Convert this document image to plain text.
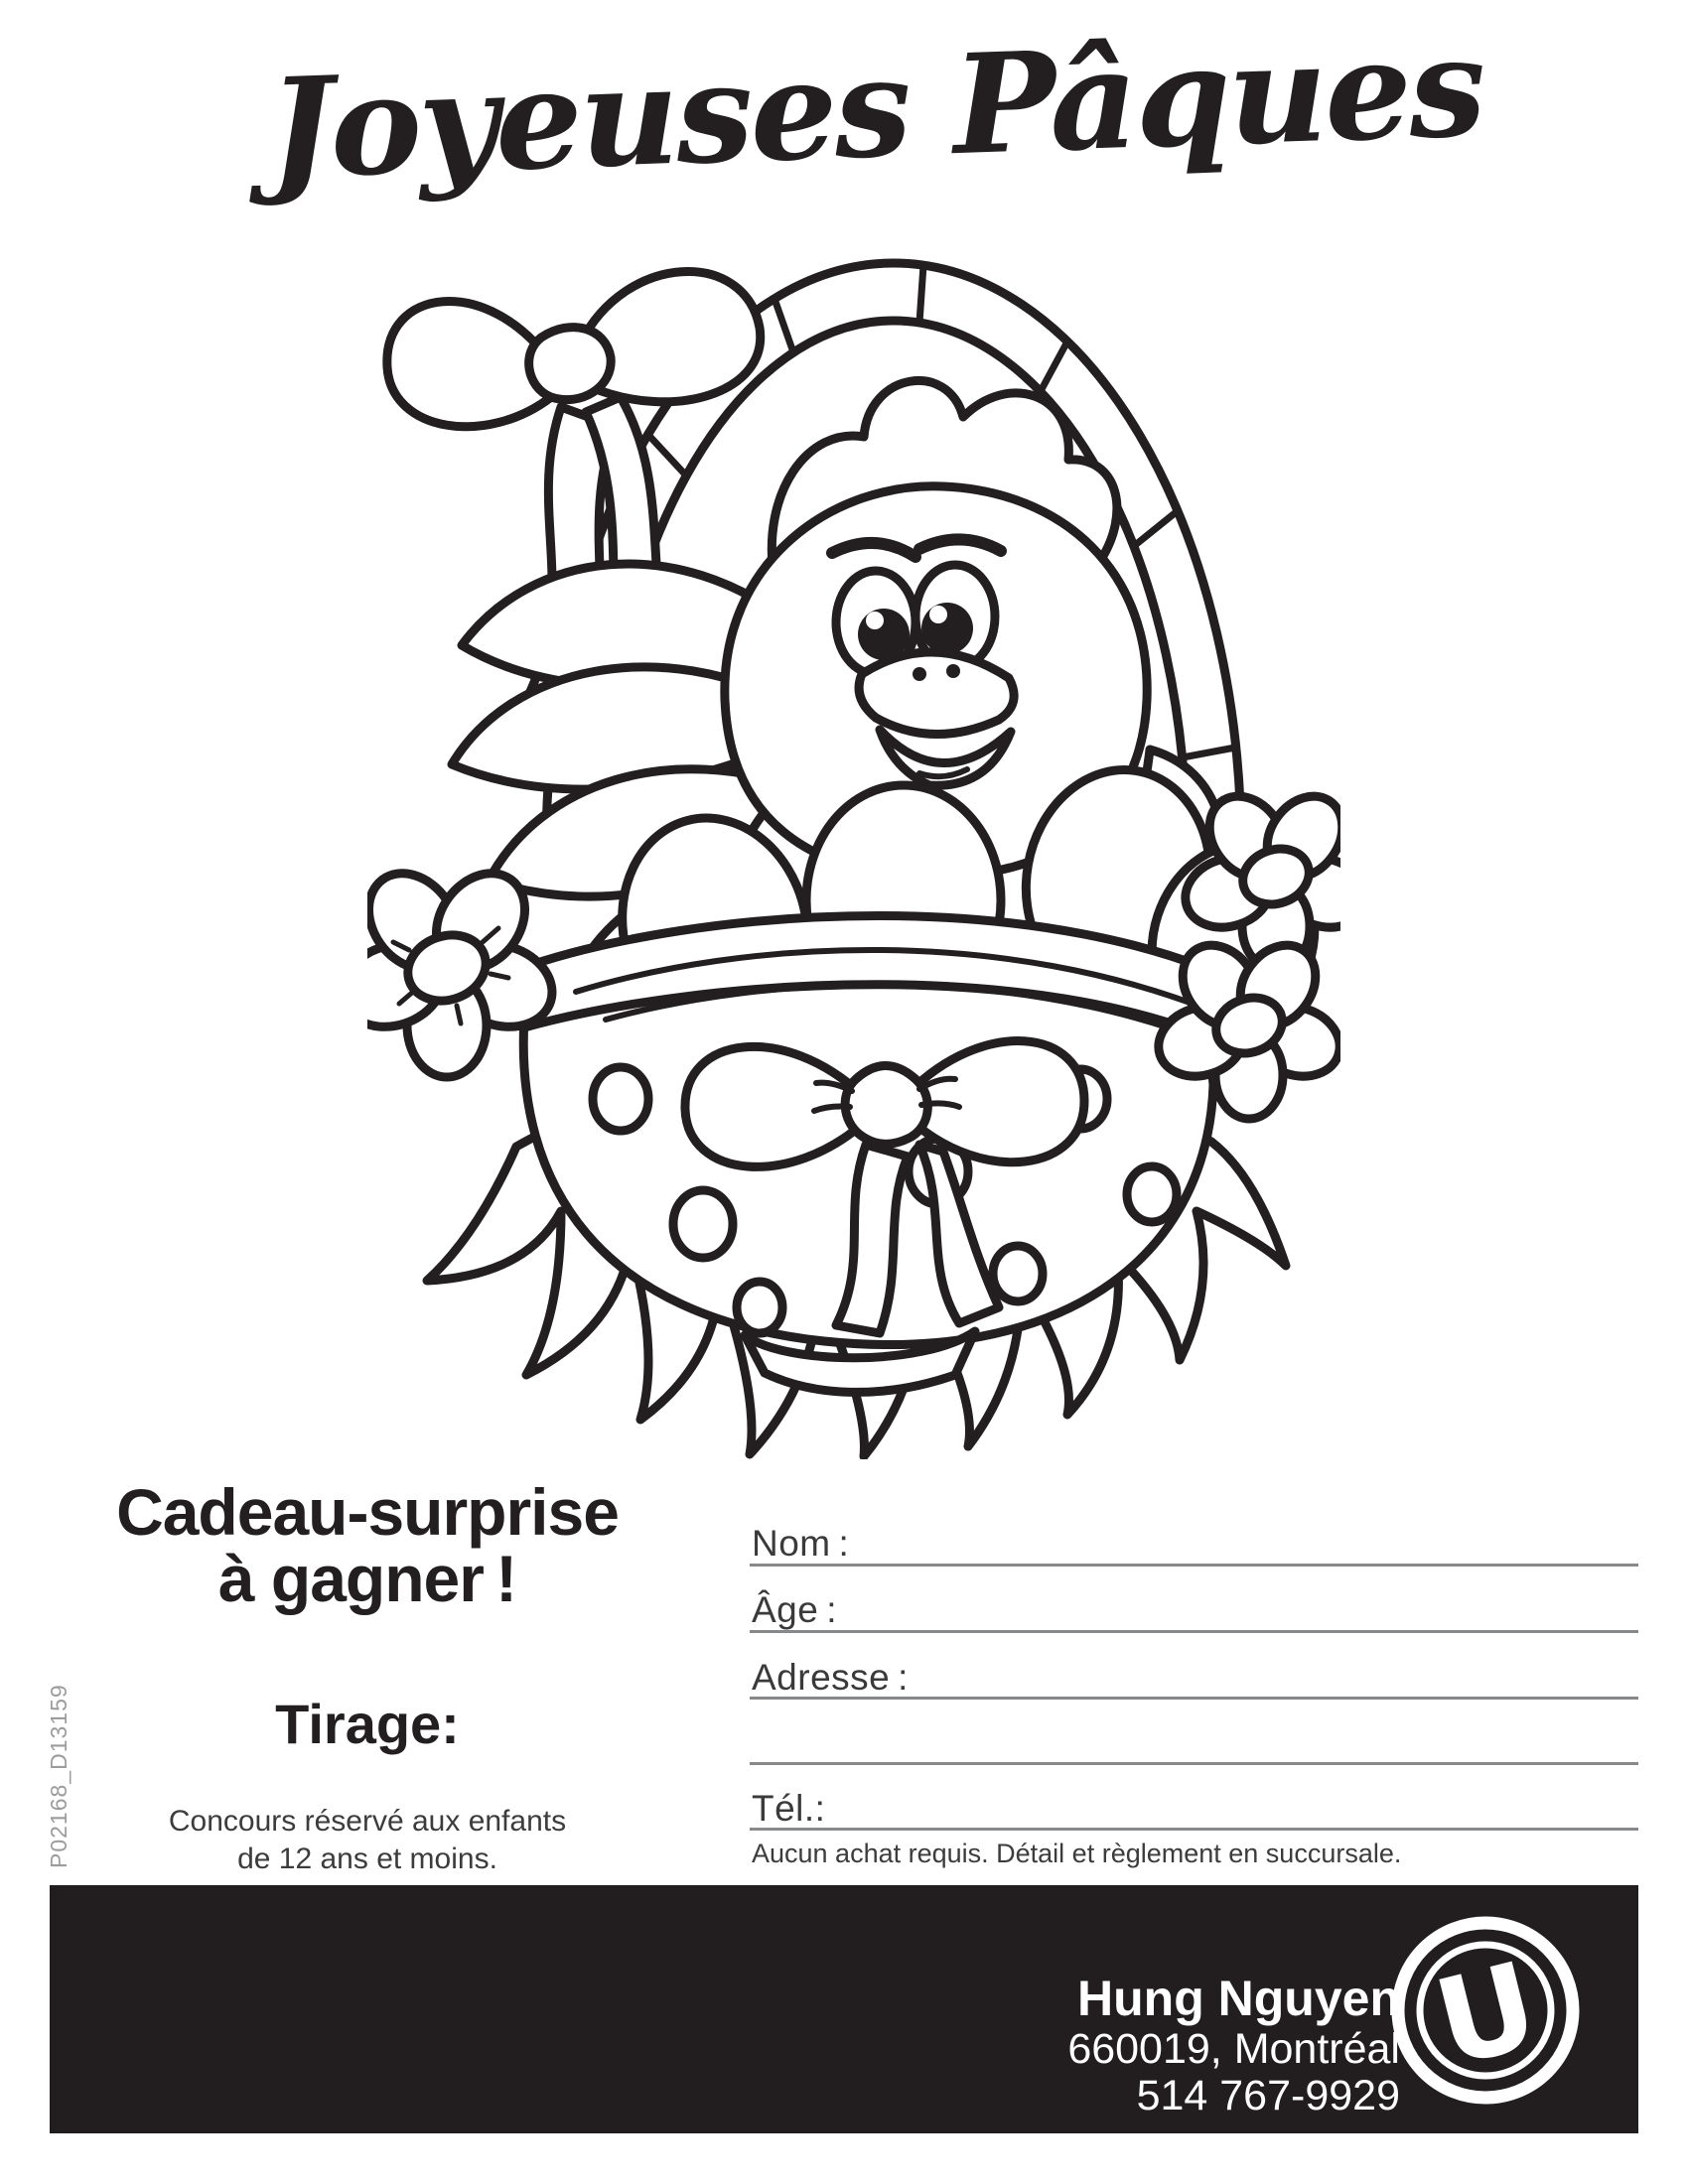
Joyeuses Pâques
Cadeau-surprise
à gagner !
Tirage:
Concours réservé aux enfants
de 12 ans et moins.
P02168_D13159
Nom :
Âge :
Adresse :
Tél.:
Aucun achat requis. Détail et règlement en succursale.
Hung Nguyen
660019, Montréal
514 767-9929
U
